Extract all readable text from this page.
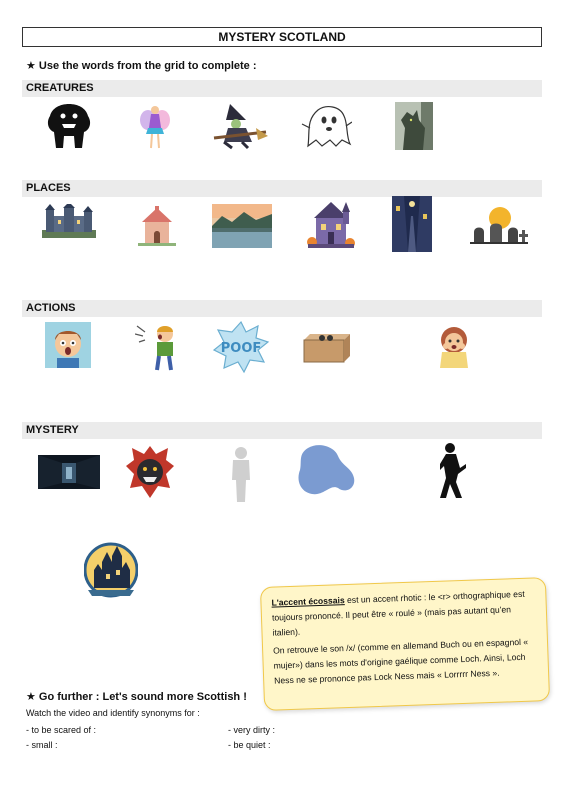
MYSTERY SCOTLAND
★ Use the words from the grid to complete :
CREATURES
PLACES
ACTIONS
POOF
MYSTERY
L'accent écossais est un accent rhotic : le <r> orthographique est toujours prononcé. Il peut être « roulé » (mais pas autant qu'en italien).
On retrouve le son /x/ (comme en allemand Buch ou en espagnol « mujer») dans les mots d'origine gaélique comme Loch. Ainsi, Loch Ness ne se prononce pas Lock Ness mais « Lorrrrr Ness ».
★ Go further : Let's sound more Scottish !
Watch the video and identify synonyms for :
- to be scared of :	- very dirty :
- small :	- be quiet :
